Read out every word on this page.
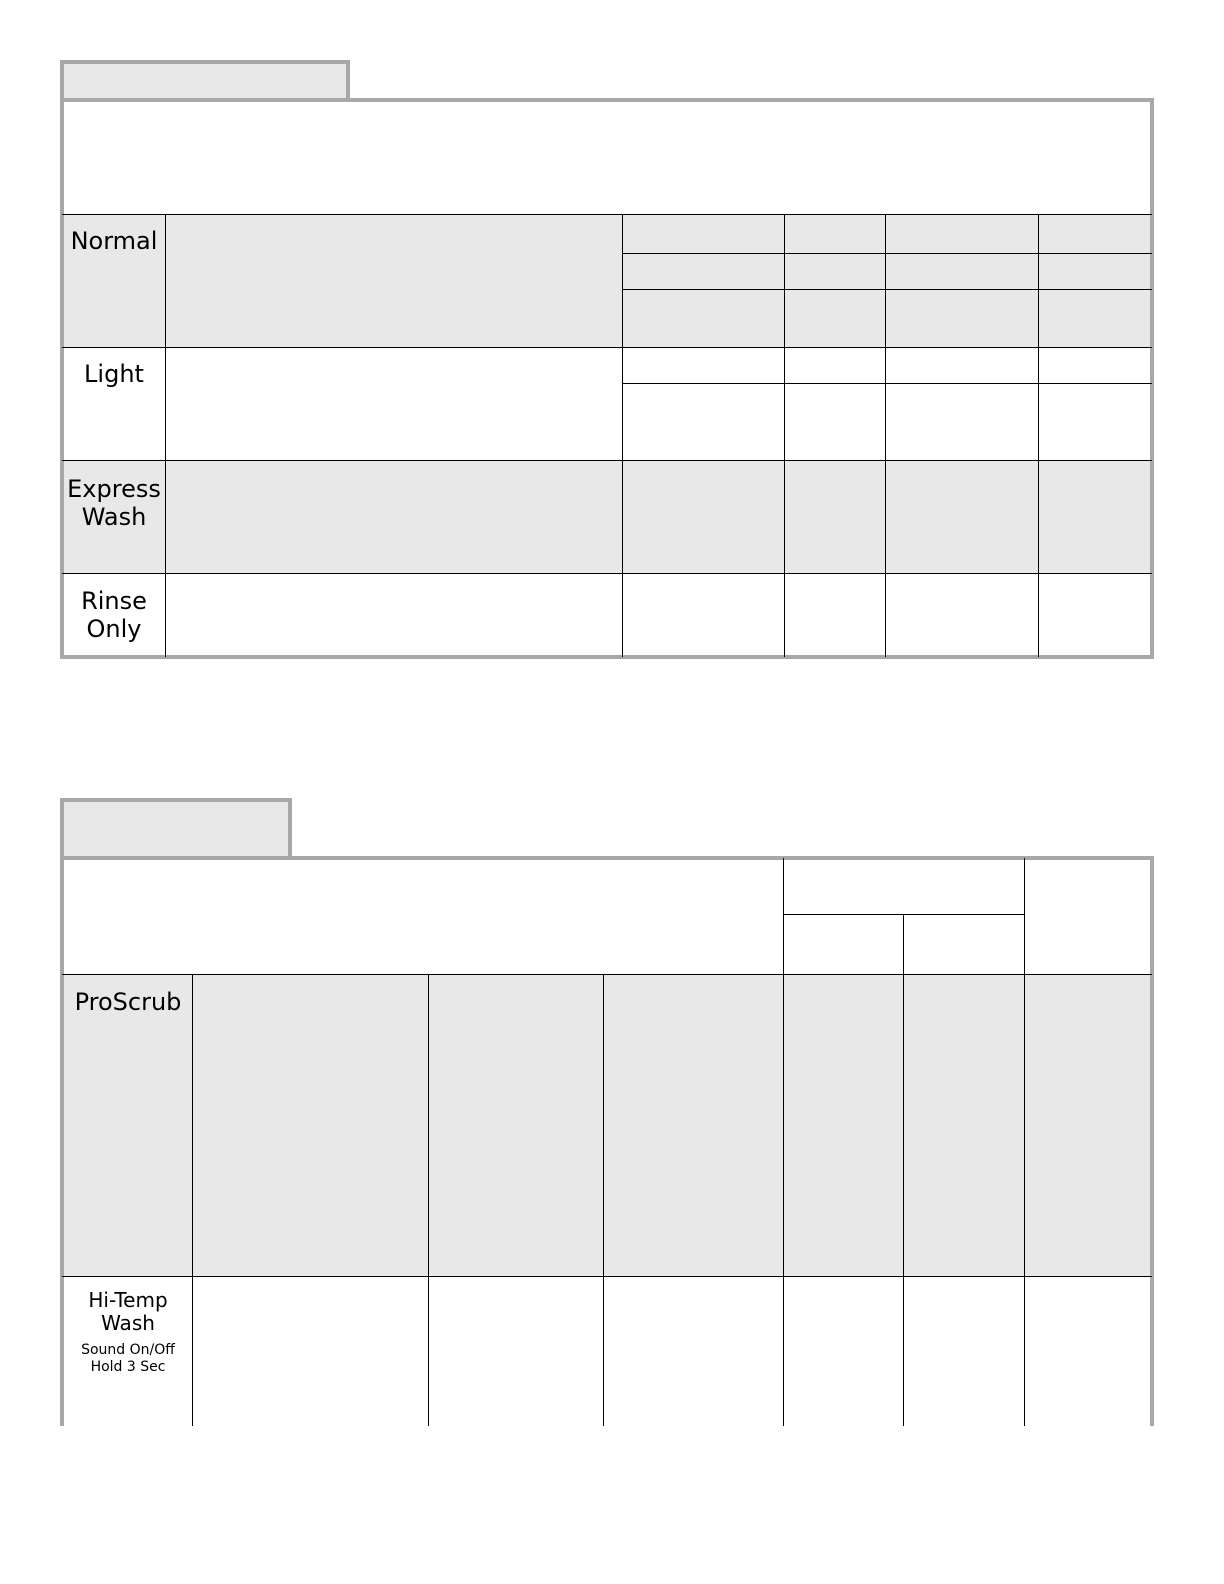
Normal
Light
Express Wash
Rinse Only
ProScrub
Hi-Temp Wash
Sound On/Off Hold 3 Sec
